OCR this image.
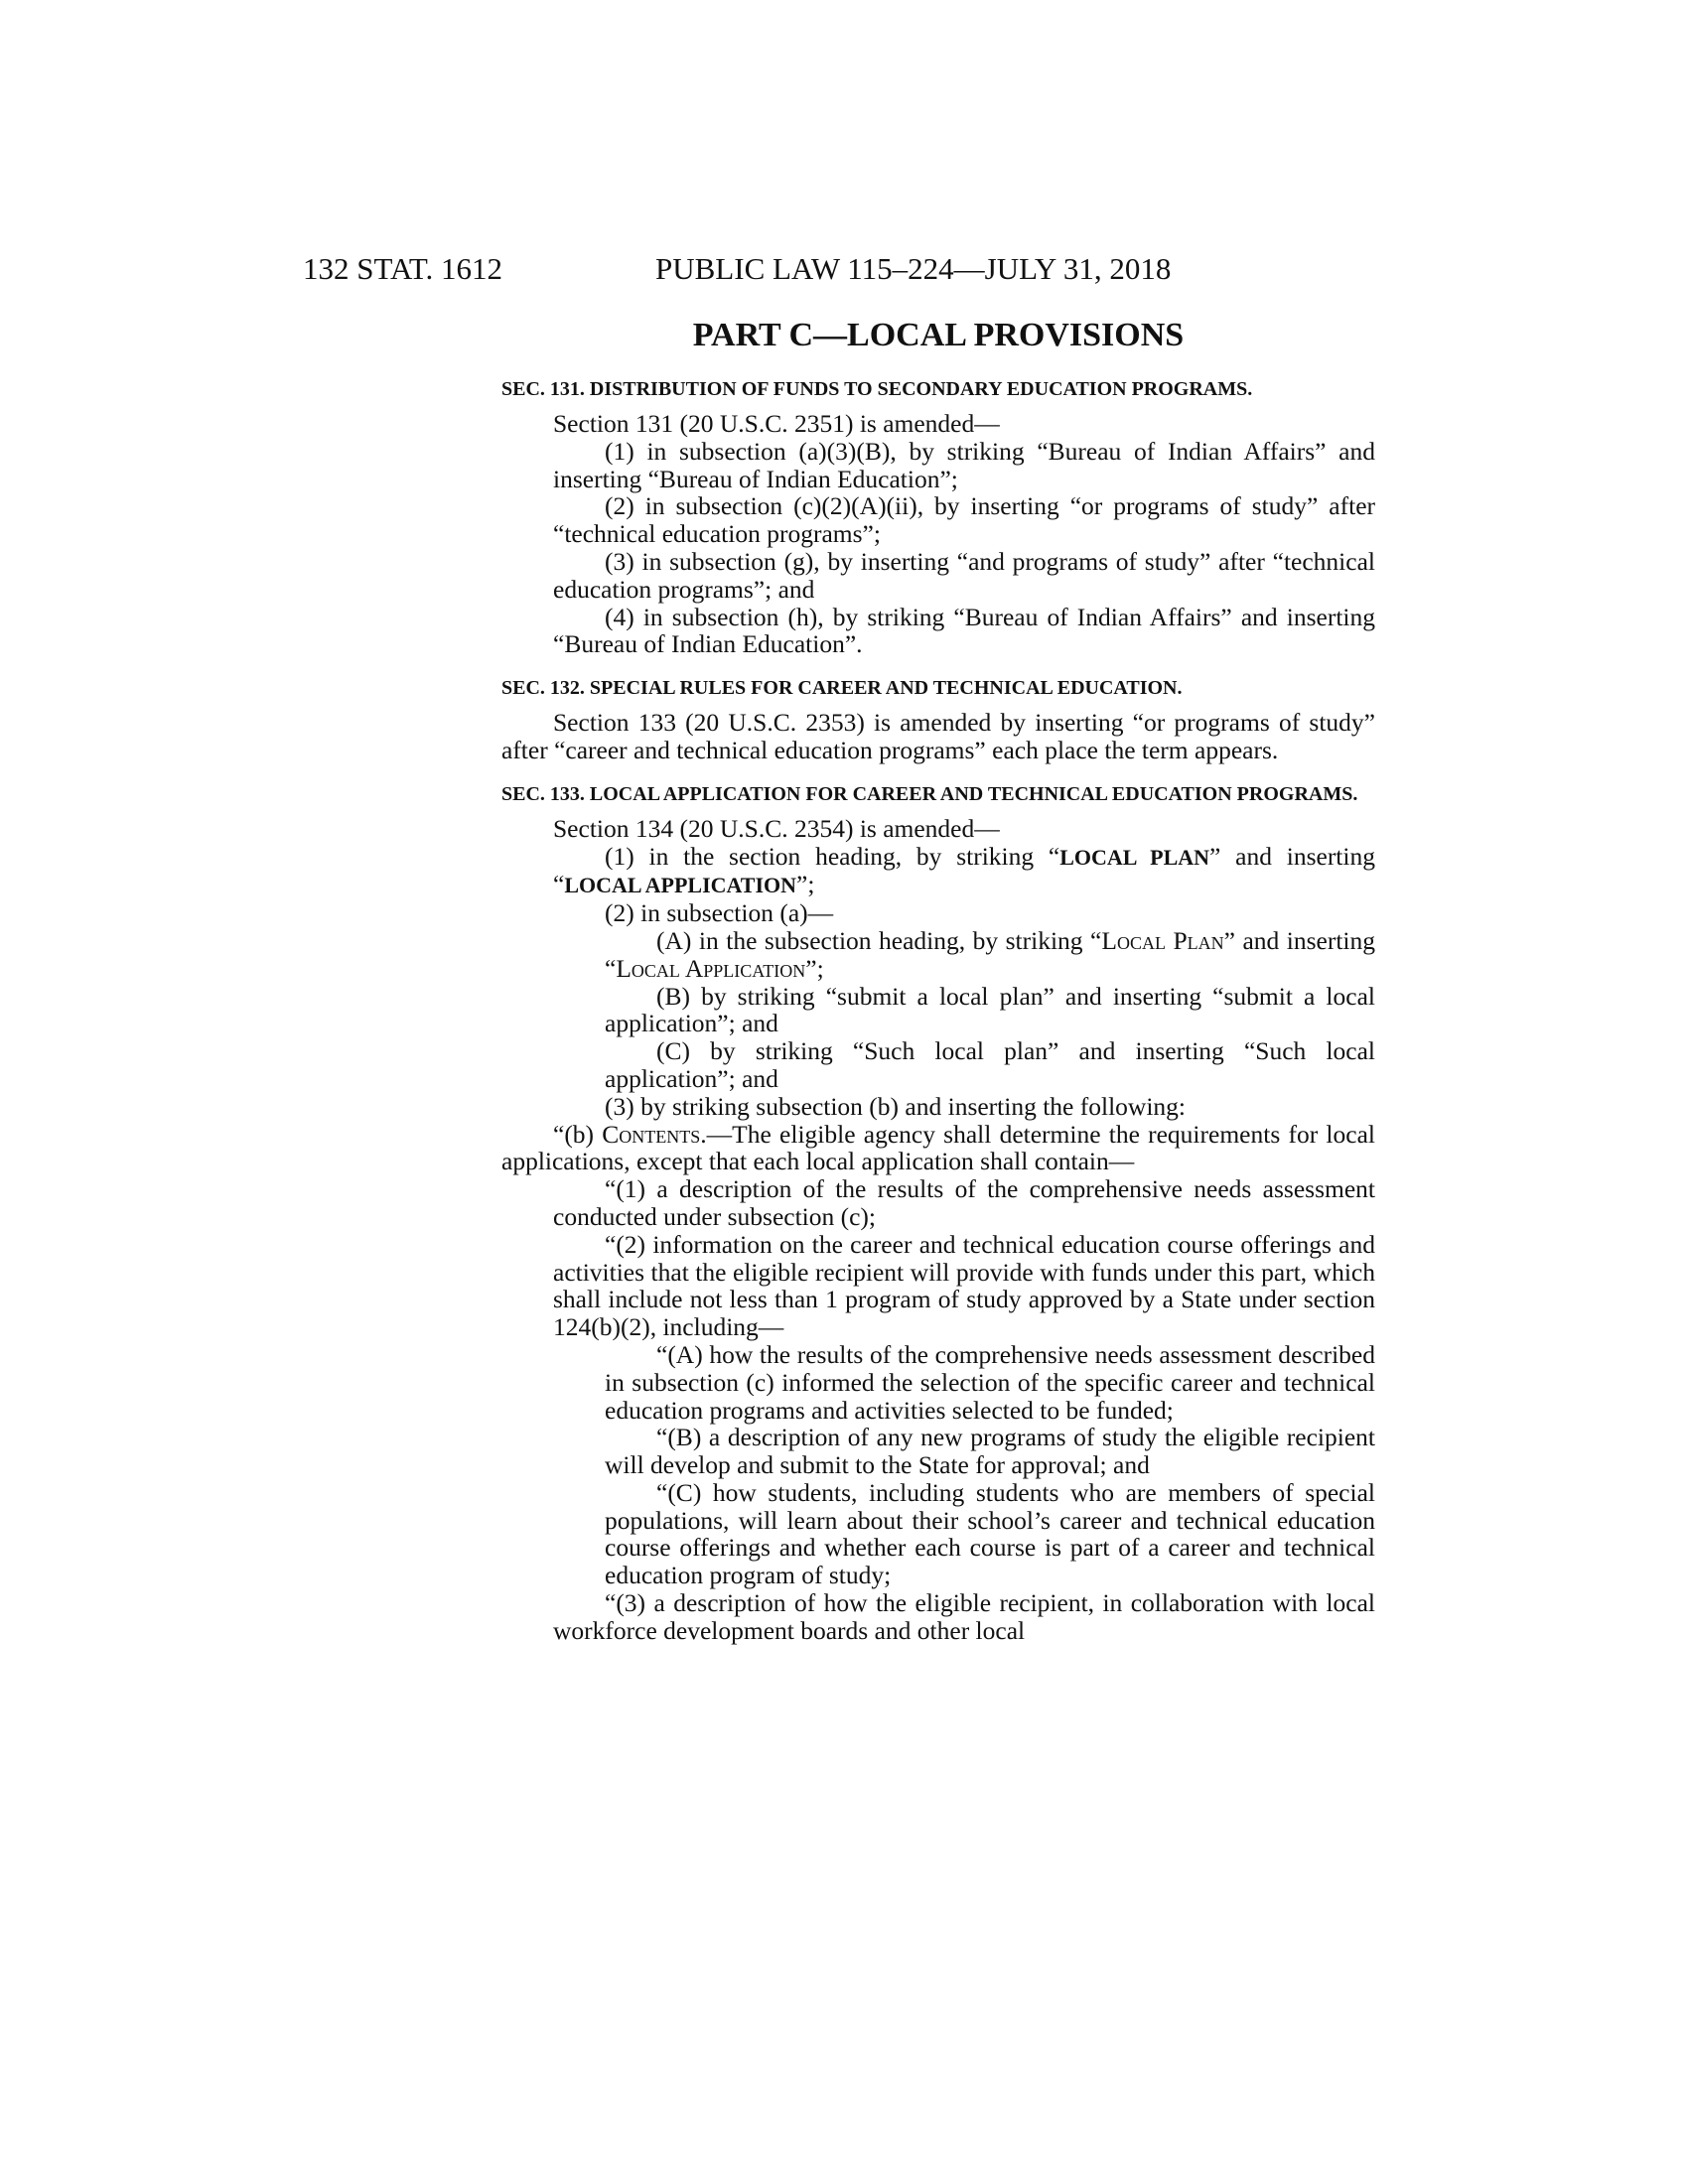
132 STAT. 1612	PUBLIC LAW 115–224—JULY 31, 2018
PART C—LOCAL PROVISIONS
SEC. 131. DISTRIBUTION OF FUNDS TO SECONDARY EDUCATION PROGRAMS.

Section 131 (20 U.S.C. 2351) is amended—

(1) in subsection (a)(3)(B), by striking “Bureau of Indian Affairs” and inserting “Bureau of Indian Education”;

(2) in subsection (c)(2)(A)(ii), by inserting “or programs of study” after “technical education programs”;

(3) in subsection (g), by inserting “and programs of study” after “technical education programs”; and

(4) in subsection (h), by striking “Bureau of Indian Affairs” and inserting “Bureau of Indian Education”.

SEC. 132. SPECIAL RULES FOR CAREER AND TECHNICAL EDUCATION.

Section 133 (20 U.S.C. 2353) is amended by inserting “or programs of study” after “career and technical education programs” each place the term appears.

SEC. 133. LOCAL APPLICATION FOR CAREER AND TECHNICAL EDUCATION PROGRAMS.

Section 134 (20 U.S.C. 2354) is amended—

(1) in the section heading, by striking “LOCAL PLAN” and inserting “LOCAL APPLICATION”;

(2) in subsection (a)—

(A) in the subsection heading, by striking “Local Plan” and inserting “Local Application”;

(B) by striking “submit a local plan” and inserting “submit a local application”; and

(C) by striking “Such local plan” and inserting “Such local application”; and

(3) by striking subsection (b) and inserting the following:

“(b) Contents.—The eligible agency shall determine the requirements for local applications, except that each local application shall contain—

“(1) a description of the results of the comprehensive needs assessment conducted under subsection (c);

“(2) information on the career and technical education course offerings and activities that the eligible recipient will provide with funds under this part, which shall include not less than 1 program of study approved by a State under section 124(b)(2), including—

“(A) how the results of the comprehensive needs assessment described in subsection (c) informed the selection of the specific career and technical education programs and activities selected to be funded;

“(B) a description of any new programs of study the eligible recipient will develop and submit to the State for approval; and

“(C) how students, including students who are members of special populations, will learn about their school’s career and technical education course offerings and whether each course is part of a career and technical education program of study;

“(3) a description of how the eligible recipient, in collaboration with local workforce development boards and other local
